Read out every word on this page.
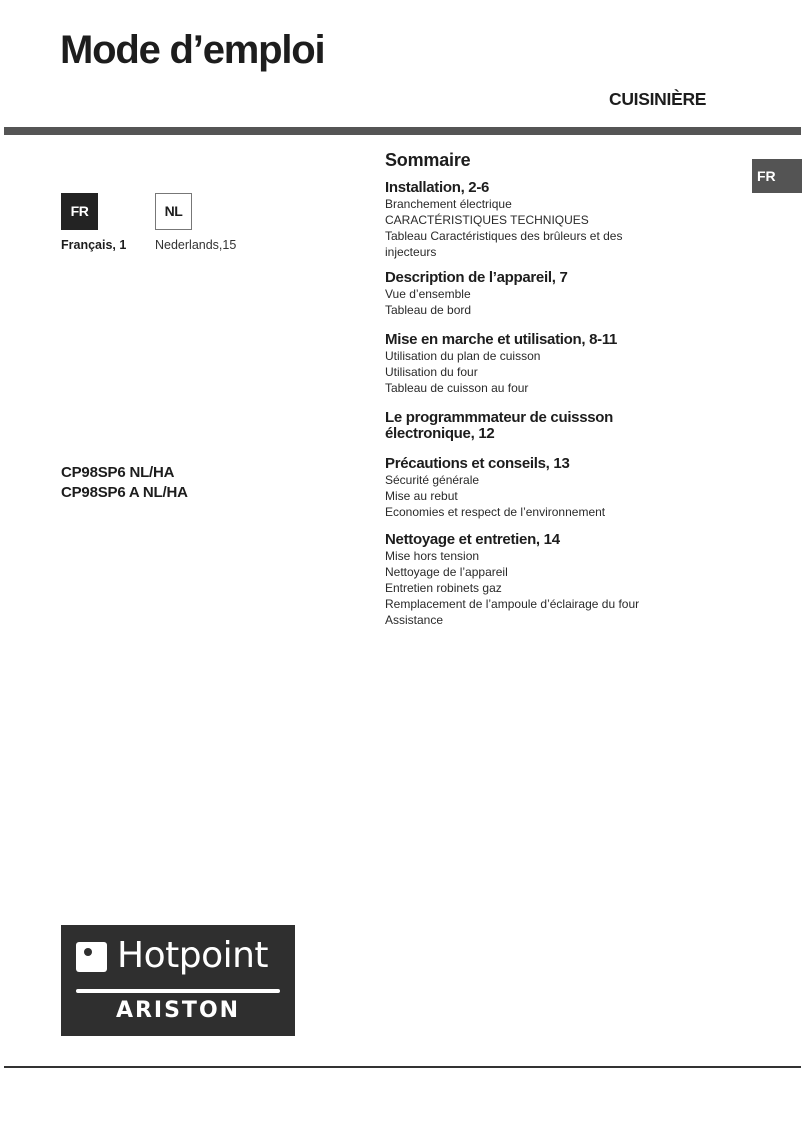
Mode d’emploi
CUISINIÈRE
FR
FR	NL
Français, 1 Nederlands,15
CP98SP6 NL/HA
CP98SP6 A NL/HA
Sommaire
Installation, 2-6
Branchement électrique
CARACTÉRISTIQUES TECHNIQUES
Tableau Caractéristiques des brûleurs et des
injecteurs
Description de l’appareil, 7
Vue d’ensemble
Tableau de bord
Mise en marche et utilisation, 8-11
Utilisation du plan de cuisson
Utilisation du four
Tableau de cuisson au four
Le programmmateur de cuissson
électronique, 12
Précautions et conseils, 13
Sécurité générale
Mise au rebut
Economies et respect de l’environnement
Nettoyage et entretien, 14
Mise hors tension
Nettoyage de l’appareil
Entretien robinets gaz
Remplacement de l’ampoule d’éclairage du four
Assistance
Hotpoint
ARISTON
